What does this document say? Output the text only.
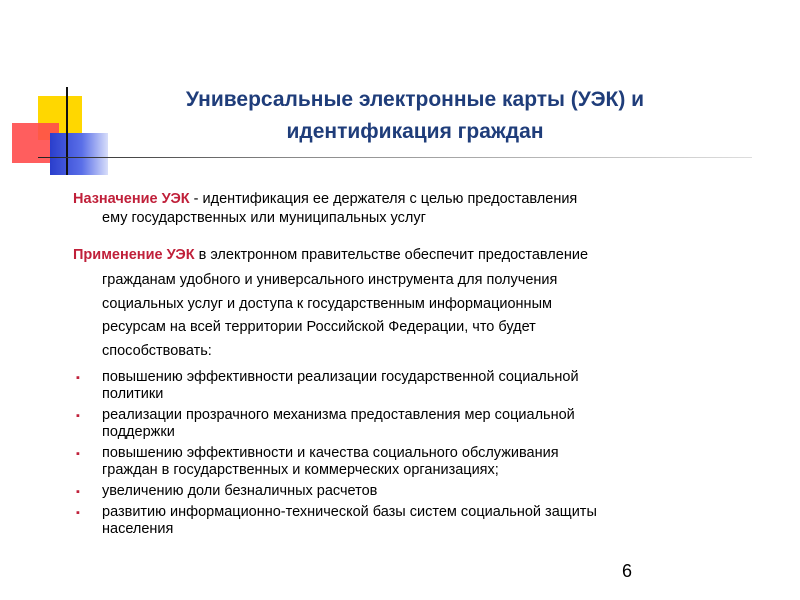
Универсальные электронные карты (УЭК) и
идентификация граждан
Назначение УЭК - идентификация ее держателя с целью предоставления
ему государственных или муниципальных услуг
Применение УЭК в электронном правительстве обеспечит предоставление
гражданам удобного и универсального инструмента для получения
социальных услуг и доступа к государственным информационным
ресурсам на всей территории Российской Федерации, что будет
способствовать:
▪ повышению эффективности реализации государственной социальной
политики
▪ реализации прозрачного механизма предоставления мер социальной
поддержки
▪ повышению эффективности и качества социального обслуживания
граждан в государственных и коммерческих организациях;
▪ увеличению доли безналичных расчетов
▪ развитию информационно-технической базы систем социальной защиты
населения
6
